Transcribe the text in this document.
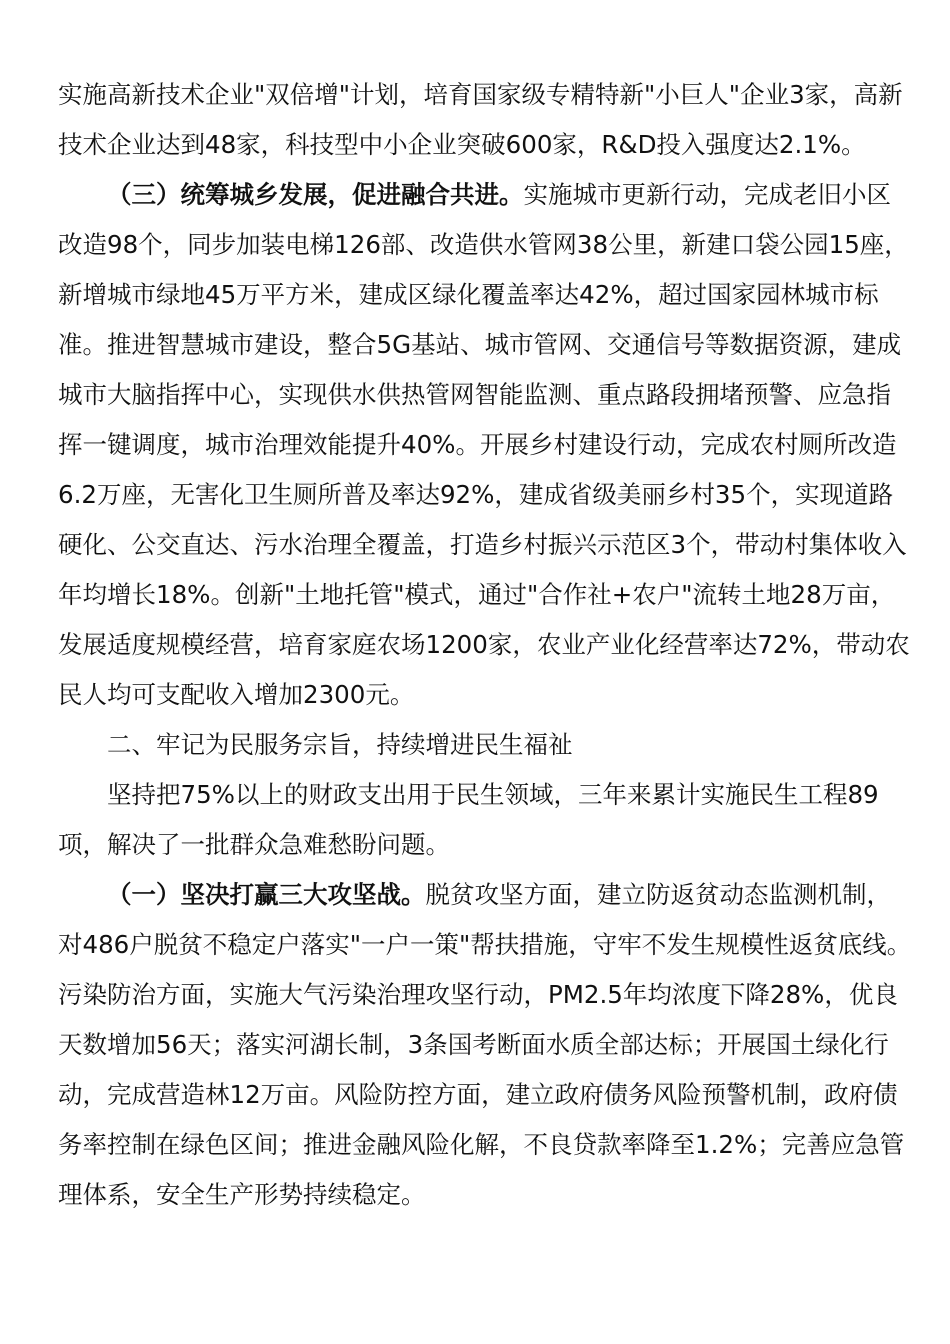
实施高新技术企业"双倍增"计划，培育国家级专精特新"小巨人"企业3家，高新技术企业达到48家，科技型中小企业突破600家，R&D投入强度达2.1%。

（三）统筹城乡发展，促进融合共进。实施城市更新行动，完成老旧小区改造98个，同步加装电梯126部、改造供水管网38公里，新建口袋公园15座，新增城市绿地45万平方米，建成区绿化覆盖率达42%，超过国家园林城市标准。推进智慧城市建设，整合5G基站、城市管网、交通信号等数据资源，建成城市大脑指挥中心，实现供水供热管网智能监测、重点路段拥堵预警、应急指挥一键调度，城市治理效能提升40%。开展乡村建设行动，完成农村厕所改造6.2万座，无害化卫生厕所普及率达92%，建成省级美丽乡村35个，实现道路硬化、公交直达、污水治理全覆盖，打造乡村振兴示范区3个，带动村集体收入年均增长18%。创新"土地托管"模式，通过"合作社+农户"流转土地28万亩，发展适度规模经营，培育家庭农场1200家，农业产业化经营率达72%，带动农民人均可支配收入增加2300元。

二、牢记为民服务宗旨，持续增进民生福祉

坚持把75%以上的财政支出用于民生领域，三年来累计实施民生工程89项，解决了一批群众急难愁盼问题。

（一）坚决打赢三大攻坚战。脱贫攻坚方面，建立防返贫动态监测机制，对486户脱贫不稳定户落实"一户一策"帮扶措施，守牢不发生规模性返贫底线。污染防治方面，实施大气污染治理攻坚行动，PM2.5年均浓度下降28%，优良天数增加56天；落实河湖长制，3条国考断面水质全部达标；开展国土绿化行动，完成营造林12万亩。风险防控方面，建立政府债务风险预警机制，政府债务率控制在绿色区间；推进金融风险化解，不良贷款率降至1.2%；完善应急管理体系，安全生产形势持续稳定。
